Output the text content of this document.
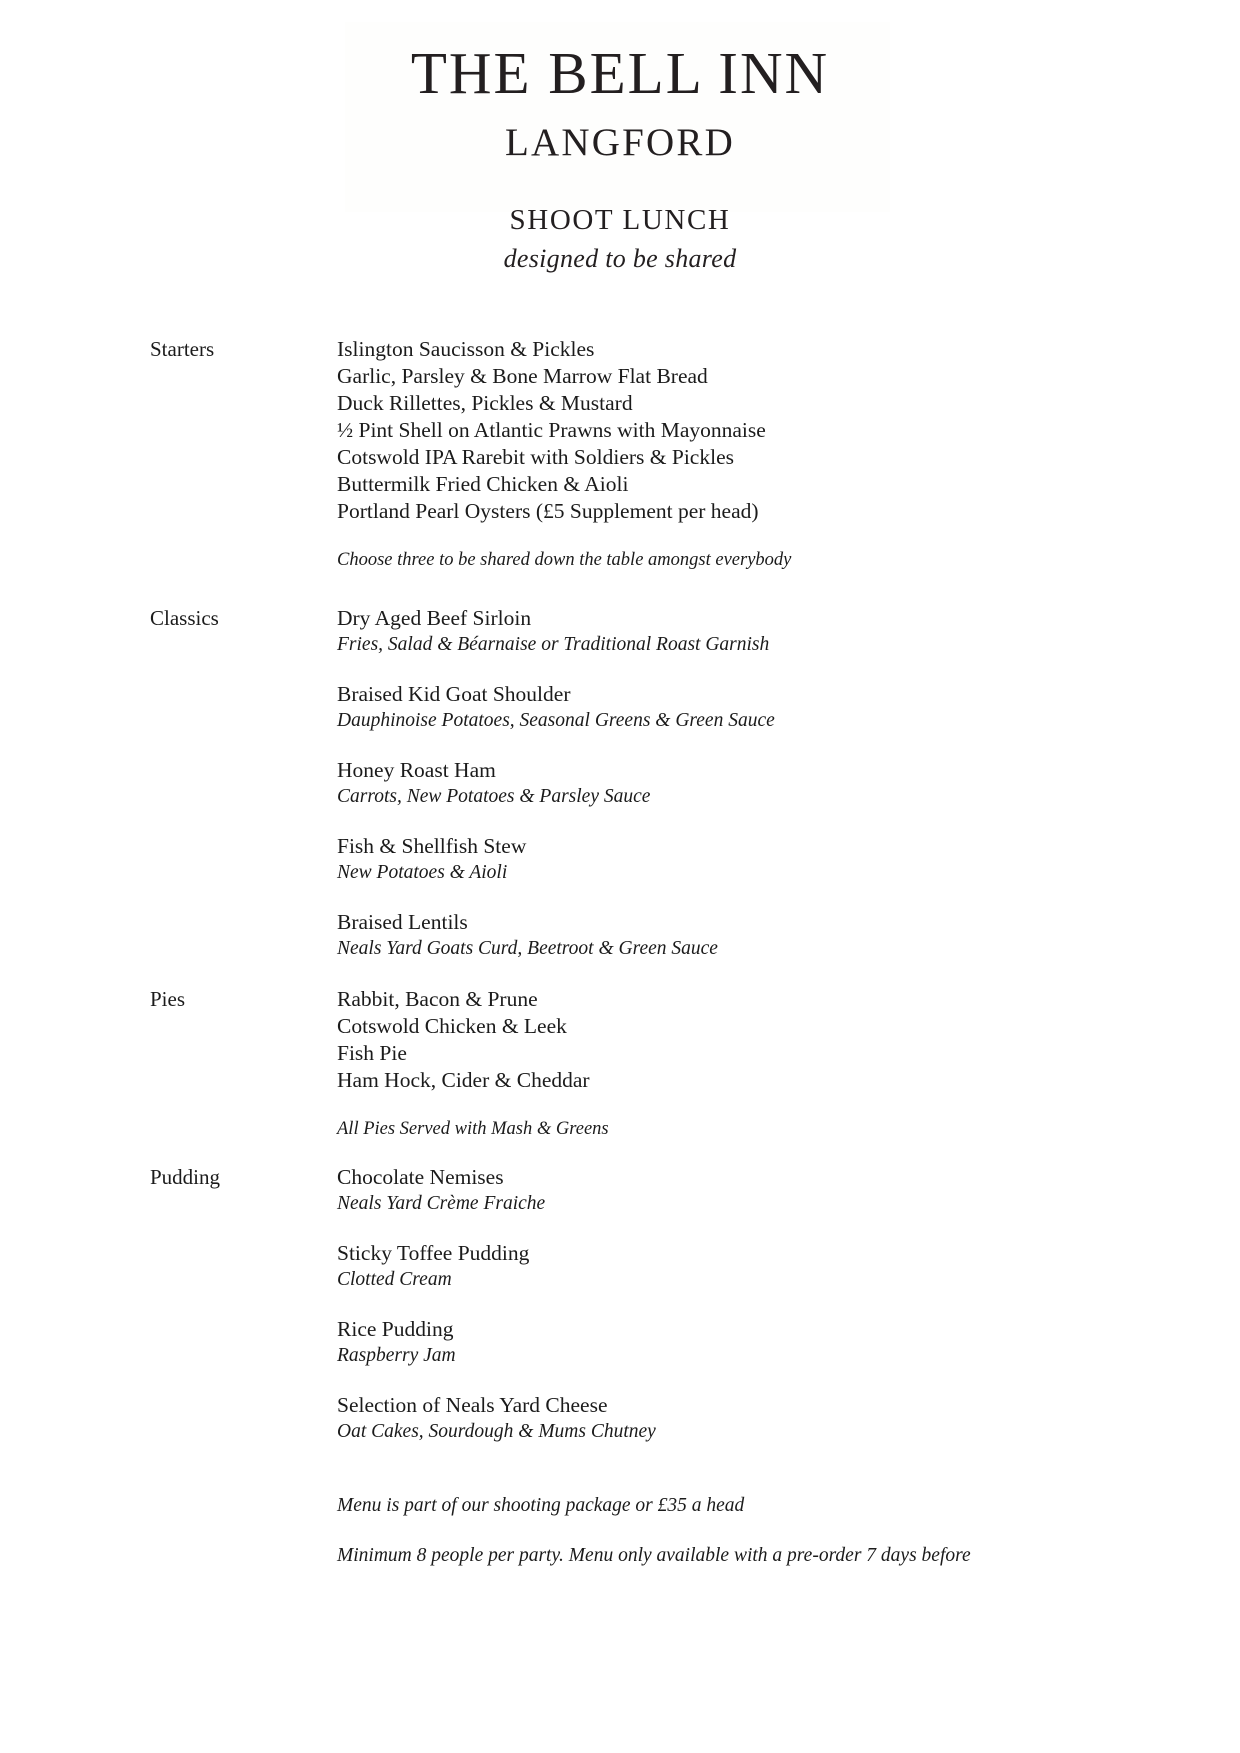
THE BELL INN
LANGFORD
SHOOT LUNCH
designed to be shared
Starters	Islington Saucisson & Pickles
Garlic, Parsley & Bone Marrow Flat Bread
Duck Rillettes, Pickles & Mustard
½ Pint Shell on Atlantic Prawns with Mayonnaise
Cotswold IPA Rarebit with Soldiers & Pickles
Buttermilk Fried Chicken & Aioli
Portland Pearl Oysters (£5 Supplement per head)
Choose three to be shared down the table amongst everybody
Classics	Dry Aged Beef Sirloin
Fries, Salad & Béarnaise or Traditional Roast Garnish
Braised Kid Goat Shoulder
Dauphinoise Potatoes, Seasonal Greens & Green Sauce
Honey Roast Ham
Carrots, New Potatoes & Parsley Sauce
Fish & Shellfish Stew
New Potatoes & Aioli
Braised Lentils
Neals Yard Goats Curd, Beetroot & Green Sauce
Pies	Rabbit, Bacon & Prune
Cotswold Chicken & Leek
Fish Pie
Ham Hock, Cider & Cheddar
All Pies Served with Mash & Greens
Pudding	Chocolate Nemises
Neals Yard Crème Fraiche
Sticky Toffee Pudding
Clotted Cream
Rice Pudding
Raspberry Jam
Selection of Neals Yard Cheese
Oat Cakes, Sourdough & Mums Chutney
Menu is part of our shooting package or £35 a head
Minimum 8 people per party. Menu only available with a pre-order 7 days before
